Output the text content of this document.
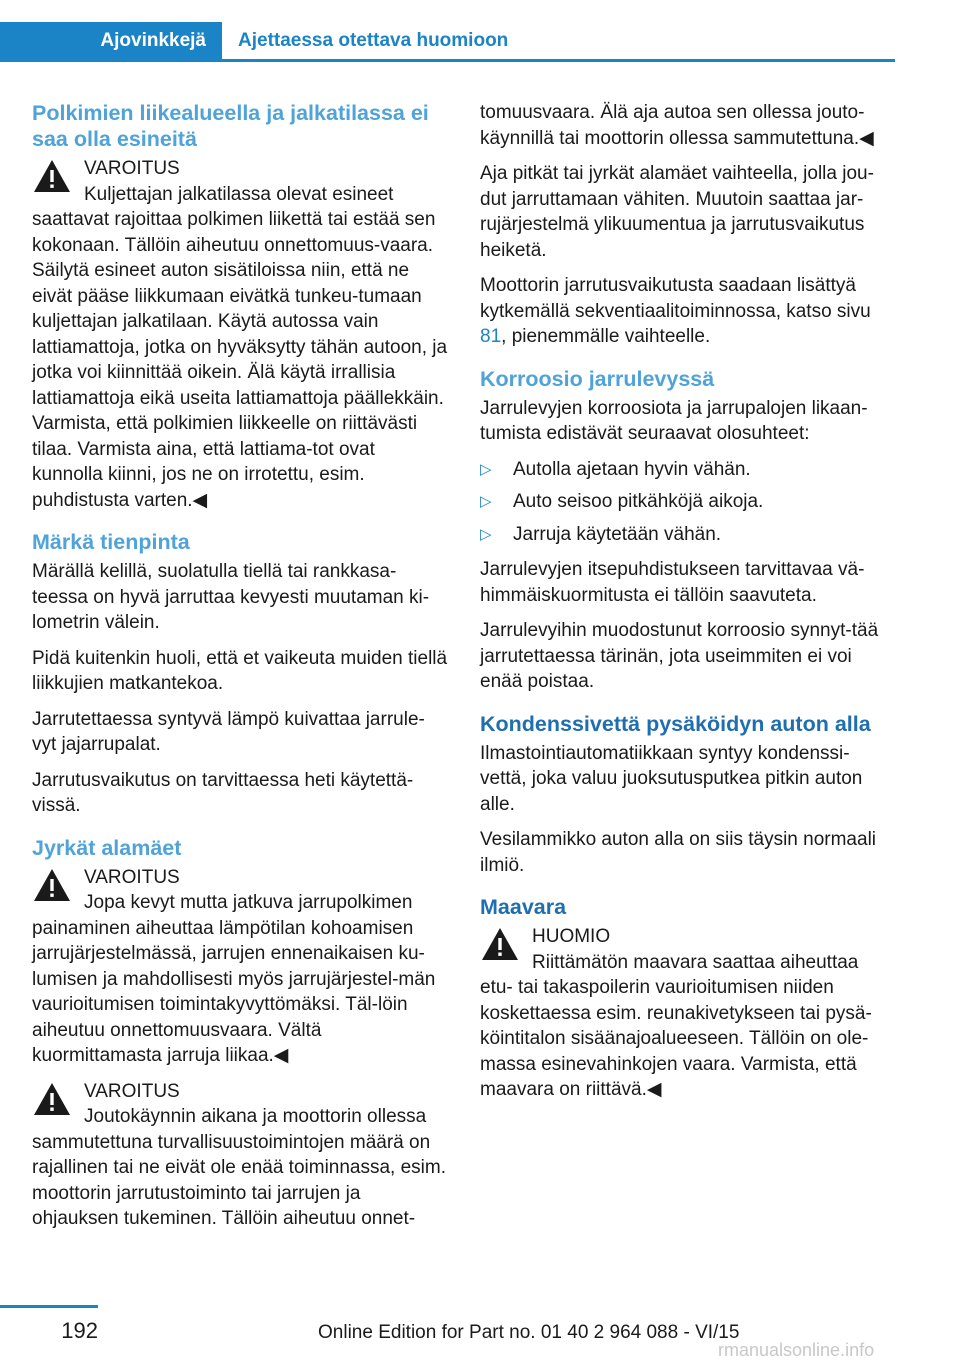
Ajovinkkejä	Ajettaessa otettava huomioon
Polkimien liikealueella ja jalkatilassa ei saa olla esineitä
VAROITUS

Kuljettajan jalkatilassa olevat esineet saattavat rajoittaa polkimen liikettä tai estää sen kokonaan. Tällöin aiheutuu onnettomuus-vaara. Säilytä esineet auton sisätiloissa niin, että ne eivät pääse liikkumaan eivätkä tunkeu-tumaan kuljettajan jalkatilaan. Käytä autossa vain lattiamattoja, jotka on hyväksytty tähän autoon, ja jotka voi kiinnittää oikein. Älä käytä irrallisia lattiamattoja eikä useita lattiamattoja päällekkäin. Varmista, että polkimien liikkeelle on riittävästi tilaa. Varmista aina, että lattiama-tot ovat kunnolla kiinni, jos ne on irrotettu, esim. puhdistusta varten.◀

Märkä tienpinta

Märällä kelillä, suolatulla tiellä tai rankkasa-teessa on hyvä jarruttaa kevyesti muutaman ki-lometrin välein.

Pidä kuitenkin huoli, että et vaikeuta muiden tiellä liikkujien matkantekoa.

Jarrutettaessa syntyvä lämpö kuivattaa jarrule-vyt jajarrupalat.

Jarrutusvaikutus on tarvittaessa heti käytettä-vissä.

Jyrkät alamäet
VAROITUS

Jopa kevyt mutta jatkuva jarrupolkimen painaminen aiheuttaa lämpötilan kohoamisen jarrujärjestelmässä, jarrujen ennenaikaisen ku-lumisen ja mahdollisesti myös jarrujärjestel-män vaurioitumisen toimintakyvyttömäksi. Täl-löin aiheutuu onnettomuusvaara. Vältä kuormittamasta jarruja liikaa.◀

VAROITUS

Joutokäynnin aikana ja moottorin ollessa sammutettuna turvallisuustoimintojen määrä on rajallinen tai ne eivät ole enää toiminnassa, esim. moottorin jarrutustoiminto tai jarrujen ja ohjauksen tukeminen. Tällöin aiheutuu onnet-

tomuusvaara. Älä aja autoa sen ollessa jouto-käynnillä tai moottorin ollessa sammutettuna.◀

Aja pitkät tai jyrkät alamäet vaihteella, jolla jou-dut jarruttamaan vähiten. Muutoin saattaa jar-rujärjestelmä ylikuumentua ja jarrutusvaikutus heiketä.

Moottorin jarrutusvaikutusta saadaan lisättyä kytkemällä sekventiaalitoiminnossa, katso sivu 81, pienemmälle vaihteelle.

Korroosio jarrulevyssä

Jarrulevyjen korroosiota ja jarrupalojen likaan-tumista edistävät seuraavat olosuhteet:

▷ Autolla ajetaan hyvin vähän.
▷ Auto seisoo pitkähköjä aikoja.
▷ Jarruja käytetään vähän.

Jarrulevyjen itsepuhdistukseen tarvittavaa vä-himmäiskuormitusta ei tällöin saavuteta.

Jarrulevyihin muodostunut korroosio synnyt-tää jarrutettaessa tärinän, jota useimmiten ei voi enää poistaa.

Kondenssivettä pysäköidyn auton alla

Ilmastointiautomatiikkaan syntyy kondenssi-vettä, joka valuu juoksutusputkea pitkin auton alle.

Vesilammikko auton alla on siis täysin normaali ilmiö.

Maavara
HUOMIO

Riittämätön maavara saattaa aiheuttaa etu- tai takaspoilerin vaurioitumisen niiden koskettaessa esim. reunakivetykseen tai pysä-köintitalon sisäänajoalueeseen. Tällöin on ole-massa esinevahinkojen vaara. Varmista, että maavara on riittävä.◀

192	Online Edition for Part no. 01 40 2 964 088 - VI/15
rmanualsonline.info
